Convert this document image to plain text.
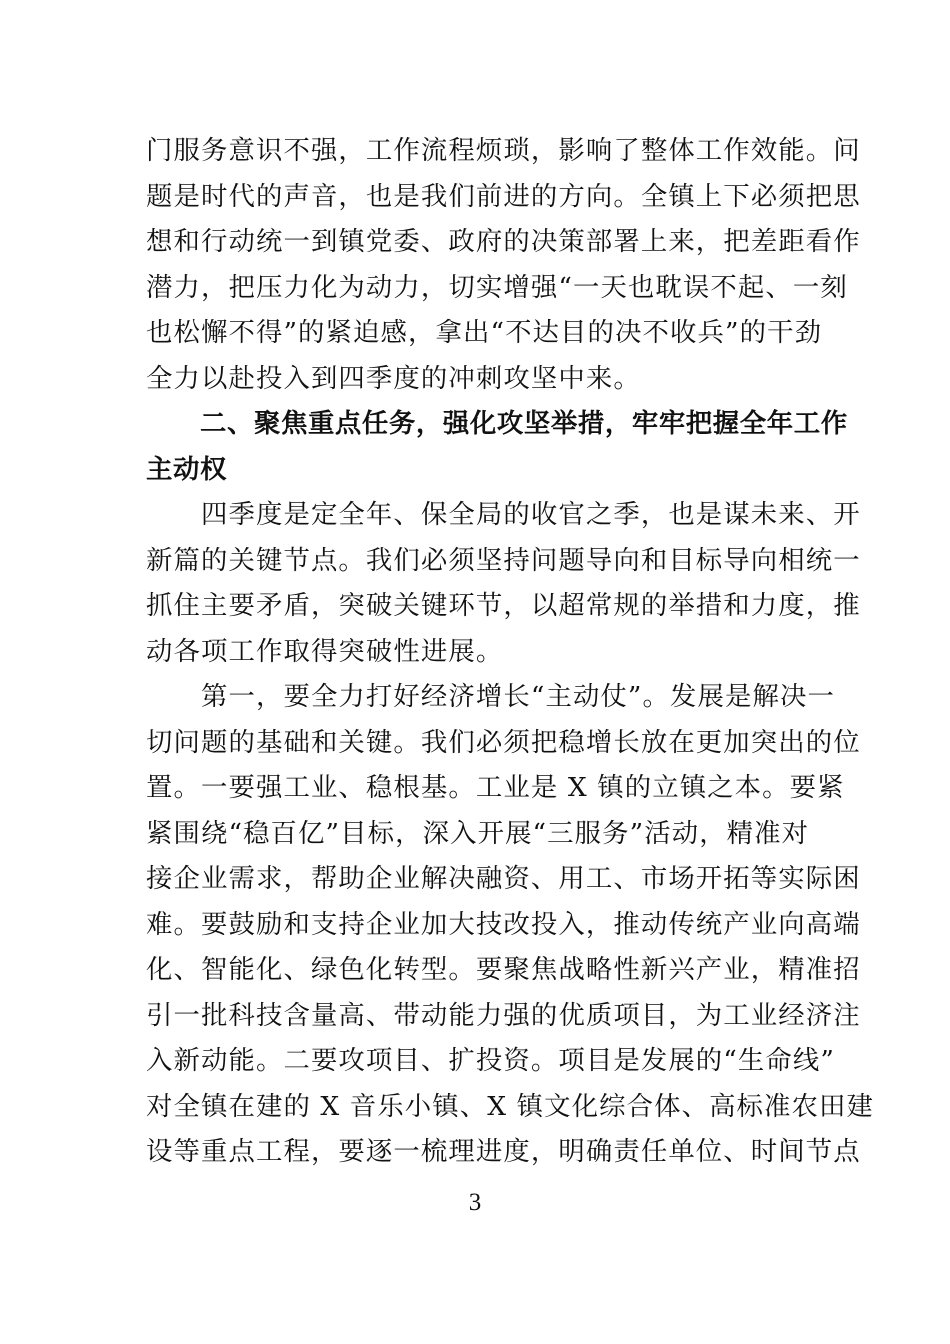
门服务意识不强，工作流程烦琐，影响了整体工作效能。问
题是时代的声音，也是我们前进的方向。全镇上下必须把思
想和行动统一到镇党委、政府的决策部署上来，把差距看作
潜力，把压力化为动力，切实增强“一天也耽误不起、一刻
也松懈不得”的紧迫感，拿出“不达目的决不收兵”的干劲
全力以赴投入到四季度的冲刺攻坚中来。
　　二、聚焦重点任务，强化攻坚举措，牢牢把握全年工作
主动权
　　四季度是定全年、保全局的收官之季，也是谋未来、开
新篇的关键节点。我们必须坚持问题导向和目标导向相统一
抓住主要矛盾，突破关键环节，以超常规的举措和力度，推
动各项工作取得突破性进展。
　　第一，要全力打好经济增长“主动仗”。发展是解决一
切问题的基础和关键。我们必须把稳增长放在更加突出的位
置。一要强工业、稳根基。工业是 X 镇的立镇之本。要紧
紧围绕“稳百亿”目标，深入开展“三服务”活动，精准对
接企业需求，帮助企业解决融资、用工、市场开拓等实际困
难。要鼓励和支持企业加大技改投入，推动传统产业向高端
化、智能化、绿色化转型。要聚焦战略性新兴产业，精准招
引一批科技含量高、带动能力强的优质项目，为工业经济注
入新动能。二要攻项目、扩投资。项目是发展的“生命线”
对全镇在建的 X 音乐小镇、X 镇文化综合体、高标准农田建
设等重点工程，要逐一梳理进度，明确责任单位、时间节点
3
